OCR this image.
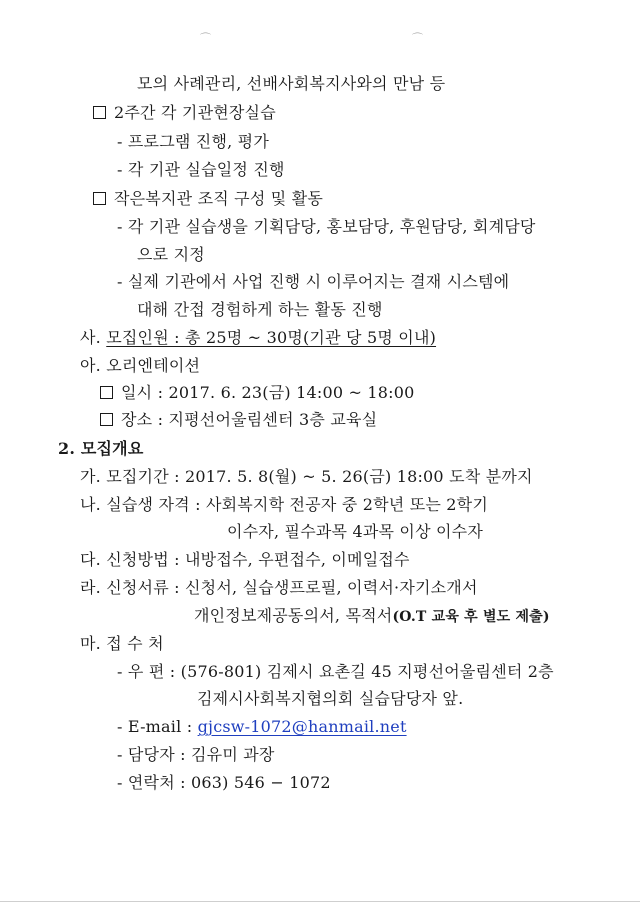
⌒	⌒
모의 사례관리, 선배사회복지사와의 만남 등
2주간 각 기관현장실습
- 프로그램 진행, 평가
- 각 기관 실습일정 진행
작은복지관 조직 구성 및 활동
- 각 기관 실습생을 기획담당, 홍보담당, 후원담당, 회계담당
으로 지정
- 실제 기관에서 사업 진행 시 이루어지는 결재 시스템에
대해 간접 경험하게 하는 활동 진행
사. 모집인원 : 총 25명 ~ 30명(기관 당 5명 이내)
아. 오리엔테이션
일시 : 2017. 6. 23(금) 14:00 ~ 18:00
장소 : 지평선어울림센터 3층 교육실
2. 모집개요
가. 모집기간 : 2017. 5. 8(월) ~ 5. 26(금) 18:00 도착 분까지
나. 실습생 자격 : 사회복지학 전공자 중 2학년 또는 2학기
이수자, 필수과목 4과목 이상 이수자
다. 신청방법 : 내방접수, 우편접수, 이메일접수
라. 신청서류 : 신청서, 실습생프로필, 이력서·자기소개서
개인정보제공동의서, 목적서(O.T 교육 후 별도 제출)
마. 접 수 처
- 우 편 : (576-801) 김제시 요촌길 45 지평선어울림센터 2층
김제시사회복지협의회 실습담당자 앞.
- E-mail : gjcsw-1072@hanmail.net
- 담당자 : 김유미 과장
- 연락처 : 063) 546 − 1072
